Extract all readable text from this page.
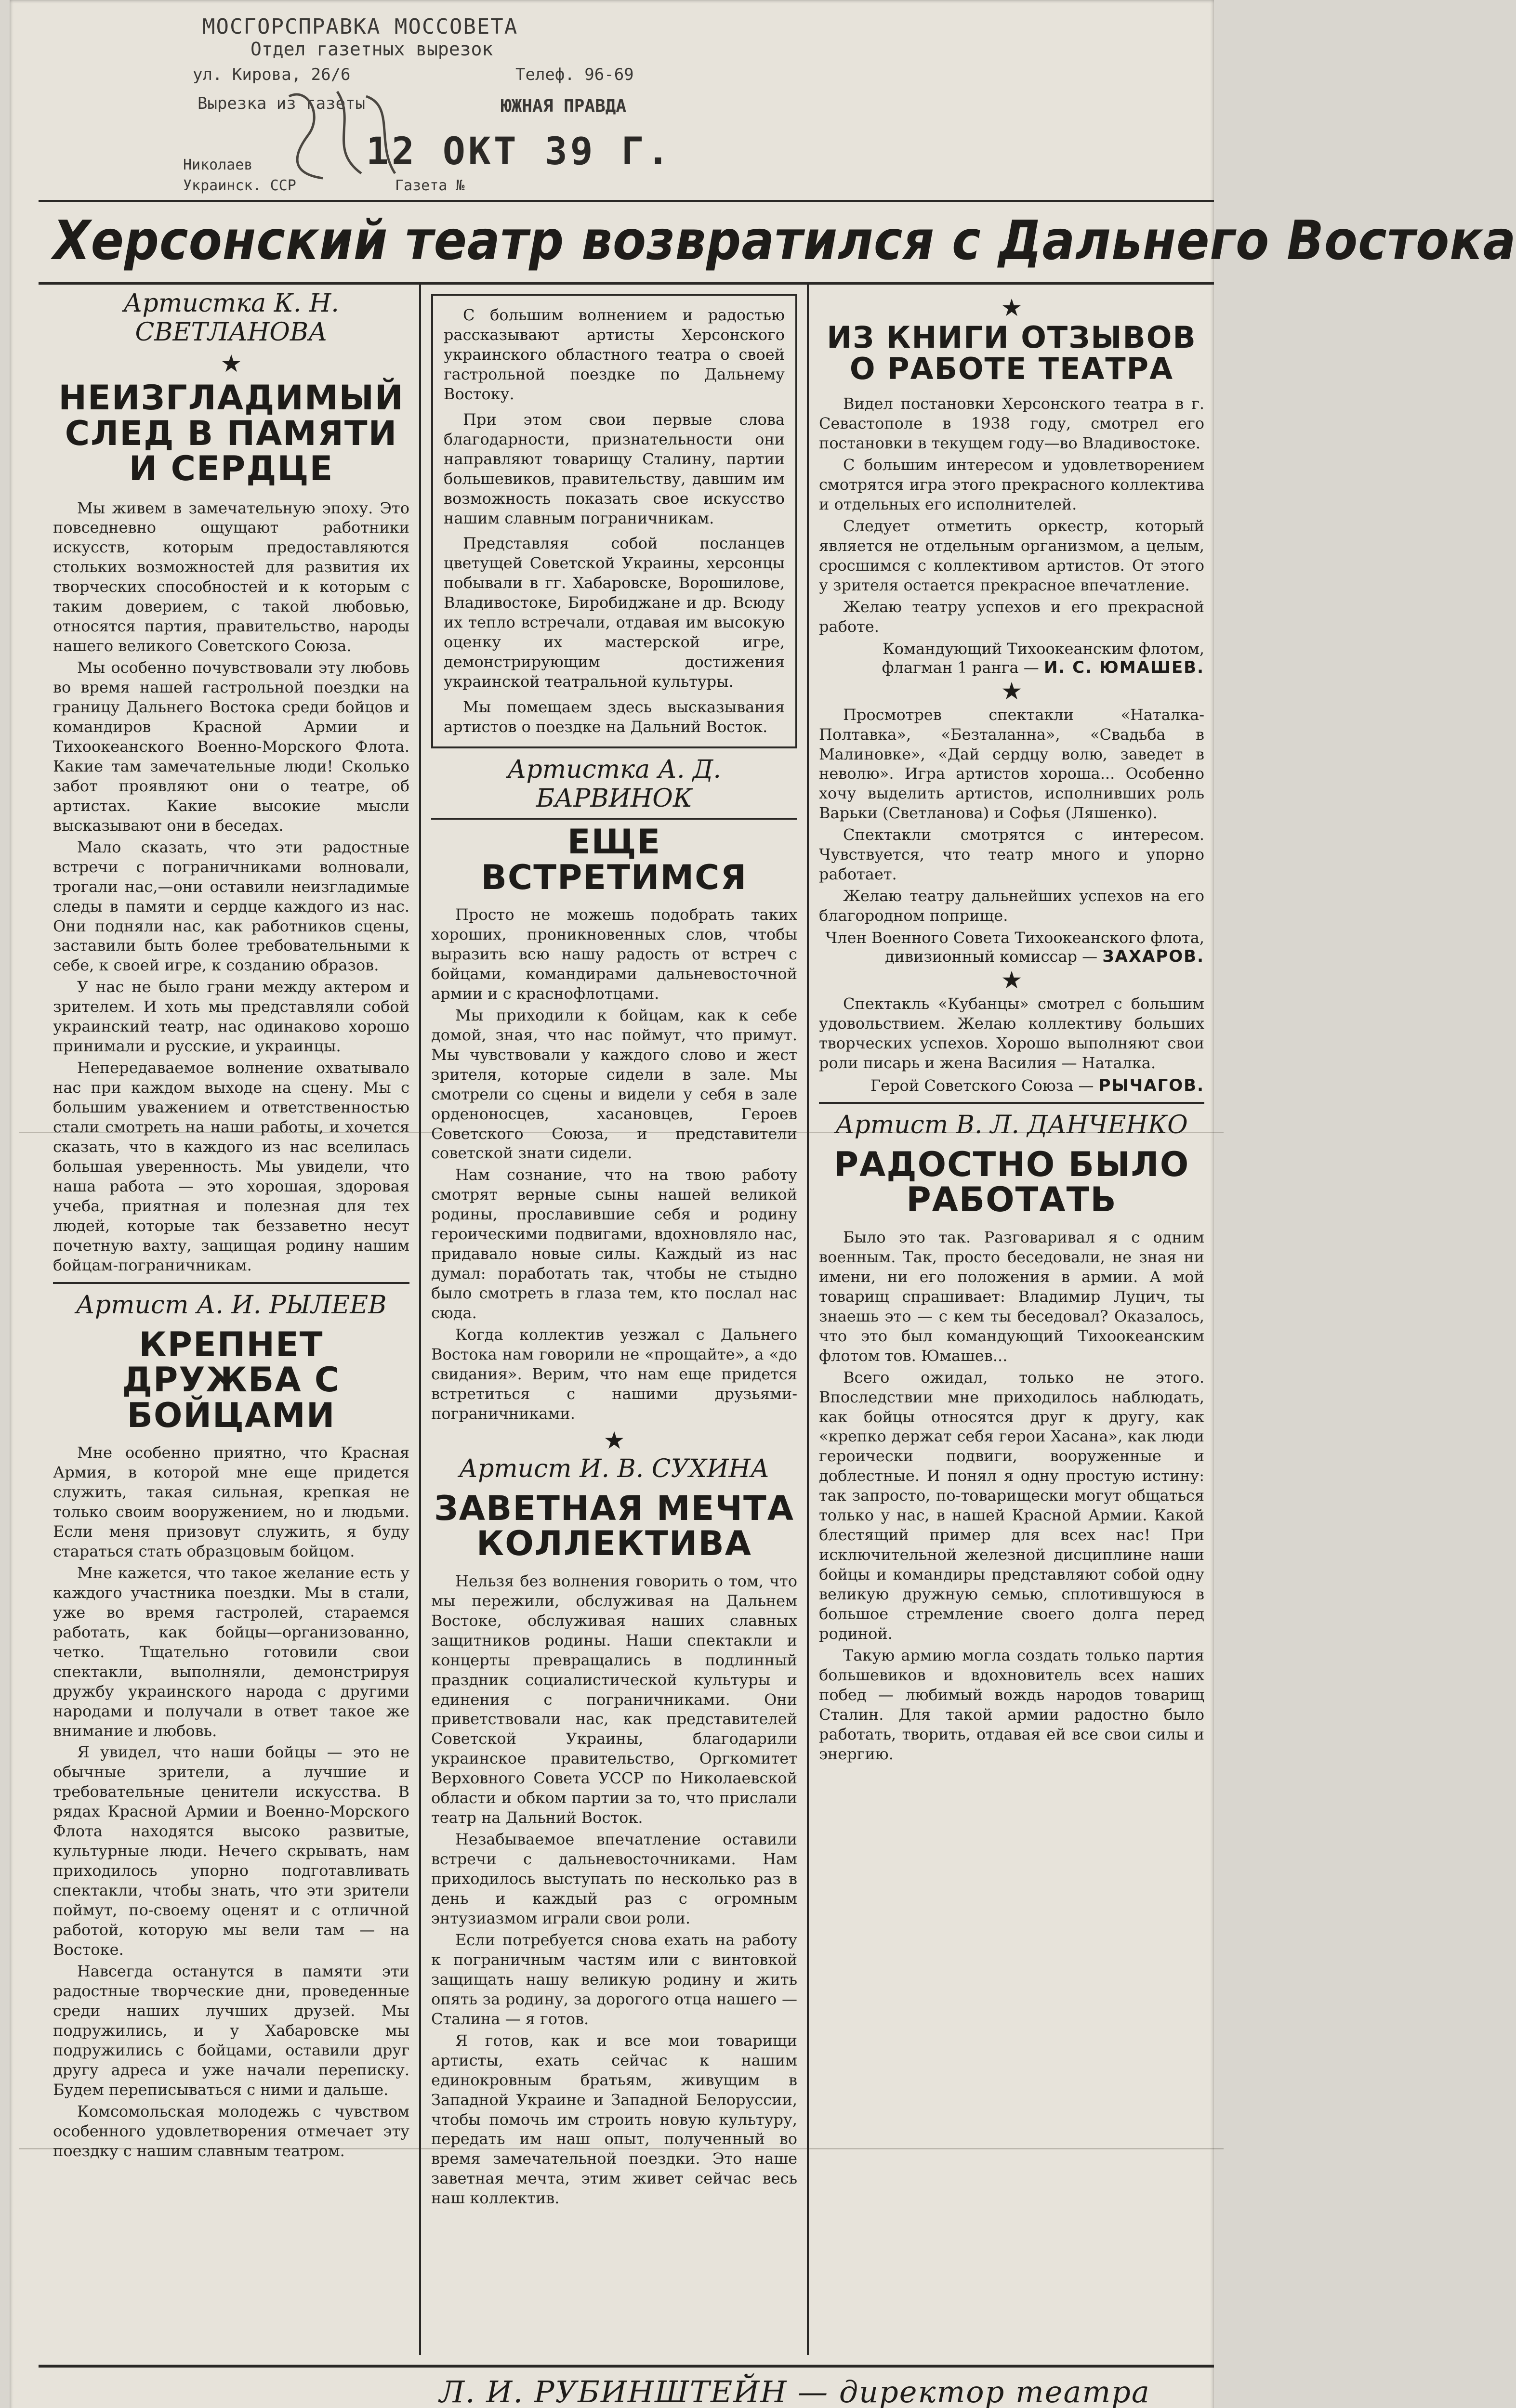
МОСГОРСПРАВКА МОССОВЕТА
Отдел газетных вырезок
ул. Кирова, 26/6	Телеф. 96-69
Вырезка из газеты	ЮЖНАЯ ПРАВДА
Николаев
Украинск. ССР	Газета №
12 ОКТ 39 Г.
Херсонский театр возвратился с Дальнего Востока
Артистка К. Н. СВЕТЛАНОВА
★
НЕИЗГЛАДИМЫЙ СЛЕД В ПАМЯТИ И СЕРДЦЕ

Мы живем в замечательную эпоху. Это повседневно ощущают работники искусств, которым предоставляются стольких возможностей для развития их творческих способностей и к которым с таким доверием, с такой любовью, относятся партия, правительство, народы нашего великого Советского Союза.

Мы особенно почувствовали эту любовь во время нашей гастрольной поездки на границу Дальнего Востока среди бойцов и командиров Красной Армии и Тихоокеанского Военно-Морского Флота. Какие там замечательные люди! Сколько забот проявляют они о театре, об артистах. Какие высокие мысли высказывают они в беседах.

Мало сказать, что эти радостные встречи с пограничниками волновали, трогали нас,—они оставили неизгладимые следы в памяти и сердце каждого из нас. Они подняли нас, как работников сцены, заставили быть более требовательными к себе, к своей игре, к созданию образов.

У нас не было грани между актером и зрителем. И хоть мы представляли собой украинский театр, нас одинаково хорошо принимали и русские, и украинцы.

Непередаваемое волнение охватывало нас при каждом выходе на сцену. Мы с большим уважением и ответственностью стали смотреть на наши работы, и хочется сказать, что в каждого из нас вселилась большая уверенность. Мы увидели, что наша работа — это хорошая, здоровая учеба, приятная и полезная для тех людей, которые так беззаветно несут почетную вахту, защищая родину нашим бойцам-пограничникам.

Артист А. И. РЫЛЕЕВ
КРЕПНЕТ ДРУЖБА С БОЙЦАМИ

Мне особенно приятно, что Красная Армия, в которой мне еще придется служить, такая сильная, крепкая не только своим вооружением, но и людьми. Если меня призовут служить, я буду стараться стать образцовым бойцом.

Мне кажется, что такое желание есть у каждого участника поездки. Мы в стали, уже во время гастролей, стараемся работать, как бойцы—организованно, четко. Тщательно готовили свои спектакли, выполняли, демонстрируя дружбу украинского народа с другими народами и получали в ответ такое же внимание и любовь.

Я увидел, что наши бойцы — это не обычные зрители, а лучшие и требовательные ценители искусства. В рядах Красной Армии и Военно-Морского Флота находятся высоко развитые, культурные люди. Нечего скрывать, нам приходилось упорно подготавливать спектакли, чтобы знать, что эти зрители поймут, по-своему оценят и с отличной работой, которую мы вели там — на Востоке.

Навсегда останутся в памяти эти радостные творческие дни, проведенные среди наших лучших друзей. Мы подружились, и у Хабаровске мы подружились с бойцами, оставили друг другу адреса и уже начали переписку. Будем переписываться с ними и дальше.

Комсомольская молодежь с чувством особенного удовлетворения отмечает эту поездку с нашим славным театром.

С большим волнением и радостью рассказывают артисты Херсонского украинского областного театра о своей гастрольной поездке по Дальнему Востоку.

При этом свои первые слова благодарности, признательности они направляют товарищу Сталину, партии большевиков, правительству, давшим им возможность показать свое искусство нашим славным пограничникам.

Представляя собой посланцев цветущей Советской Украины, херсонцы побывали в гг. Хабаровске, Ворошилове, Владивостоке, Биробиджане и др. Всюду их тепло встречали, отдавая им высокую оценку их мастерской игре, демонстрирующим достижения украинской театральной культуры.

Мы помещаем здесь высказывания артистов о поездке на Дальний Восток.

Артистка А. Д. БАРВИНОК
ЕЩЕ ВСТРЕТИМСЯ

Просто не можешь подобрать таких хороших, проникновенных слов, чтобы выразить всю нашу радость от встреч с бойцами, командирами дальневосточной армии и с краснофлотцами.

Мы приходили к бойцам, как к себе домой, зная, что нас поймут, что примут. Мы чувствовали у каждого слово и жест зрителя, которые сидели в зале. Мы смотрели со сцены и видели у себя в зале орденоносцев, хасановцев, Героев Советского Союза, и представители советской знати сидели.

Нам сознание, что на твою работу смотрят верные сыны нашей великой родины, прославившие себя и родину героическими подвигами, вдохновляло нас, придавало новые силы. Каждый из нас думал: поработать так, чтобы не стыдно было смотреть в глаза тем, кто послал нас сюда.

Когда коллектив уезжал с Дальнего Востока нам говорили не «прощайте», а «до свидания». Верим, что нам еще придется встретиться с нашими друзьями-пограничниками.

★
Артист И. В. СУХИНА
ЗАВЕТНАЯ МЕЧТА КОЛЛЕКТИВА

Нельзя без волнения говорить о том, что мы пережили, обслуживая на Дальнем Востоке, обслуживая наших славных защитников родины. Наши спектакли и концерты превращались в подлинный праздник социалистической культуры и единения с пограничниками. Они приветствовали нас, как представителей Советской Украины, благодарили украинское правительство, Оргкомитет Верховного Совета УССР по Николаевской области и обком партии за то, что прислали театр на Дальний Восток.

Незабываемое впечатление оставили встречи с дальневосточниками. Нам приходилось выступать по несколько раз в день и каждый раз с огромным энтузиазмом играли свои роли.

Если потребуется снова ехать на работу к пограничным частям или с винтовкой защищать нашу великую родину и жить опять за родину, за дорогого отца нашего — Сталина — я готов.

Я готов, как и все мои товарищи артисты, ехать сейчас к нашим единокровным братьям, живущим в Западной Украине и Западной Белоруссии, чтобы помочь им строить новую культуру, передать им наш опыт, полученный во время замечательной поездки. Это наше заветная мечта, этим живет сейчас весь наш коллектив.

★
ИЗ КНИГИ ОТЗЫВОВ О РАБОТЕ ТЕАТРА

Видел постановки Херсонского театра в г. Севастополе в 1938 году, смотрел его постановки в текущем году—во Владивостоке.

С большим интересом и удовлетворением смотрятся игра этого прекрасного коллектива и отдельных его исполнителей.

Следует отметить оркестр, который является не отдельным организмом, а целым, сросшимся с коллективом артистов. От этого у зрителя остается прекрасное впечатление.

Желаю театру успехов и его прекрасной работе.

Командующий Тихоокеанским флотом, флагман 1 ранга — И. С. ЮМАШЕВ.
★

Просмотрев спектакли «Наталка-Полтавка», «Безталанна», «Свадьба в Малиновке», «Дай сердцу волю, заведет в неволю». Игра артистов хороша... Особенно хочу выделить артистов, исполнивших роль Варьки (Светланова) и Софья (Ляшенко).

Спектакли смотрятся с интересом. Чувствуется, что театр много и упорно работает.

Желаю театру дальнейших успехов на его благородном поприще.

Член Военного Совета Тихоокеанского флота, дивизионный комиссар — ЗАХАРОВ.
★

Спектакль «Кубанцы» смотрел с большим удовольствием. Желаю коллективу больших творческих успехов. Хорошо выполняют свои роли писарь и жена Василия — Наталка.

Герой Советского Союза — РЫЧАГОВ.
Артист В. Л. ДАНЧЕНКО
РАДОСТНО БЫЛО РАБОТАТЬ

Было это так. Разговаривал я с одним военным. Так, просто беседовали, не зная ни имени, ни его положения в армии. А мой товарищ спрашивает: Владимир Луцич, ты знаешь это — с кем ты беседовал? Оказалось, что это был командующий Тихоокеанским флотом тов. Юмашев...

Всего ожидал, только не этого. Впоследствии мне приходилось наблюдать, как бойцы относятся друг к другу, как «крепко держат себя герои Хасана», как люди героически подвиги, вооруженные и доблестные. И понял я одну простую истину: так запросто, по-товарищески могут общаться только у нас, в нашей Красной Армии. Какой блестящий пример для всех нас! При исключительной железной дисциплине наши бойцы и командиры представляют собой одну великую дружную семью, сплотившуюся в большое стремление своего долга перед родиной.

Такую армию могла создать только партия большевиков и вдохновитель всех наших побед — любимый вождь народов товарищ Сталин. Для такой армии радостно было работать, творить, отдавая ей все свои силы и энергию.

Л. И. РУБИНШТЕЙН — директор театра
